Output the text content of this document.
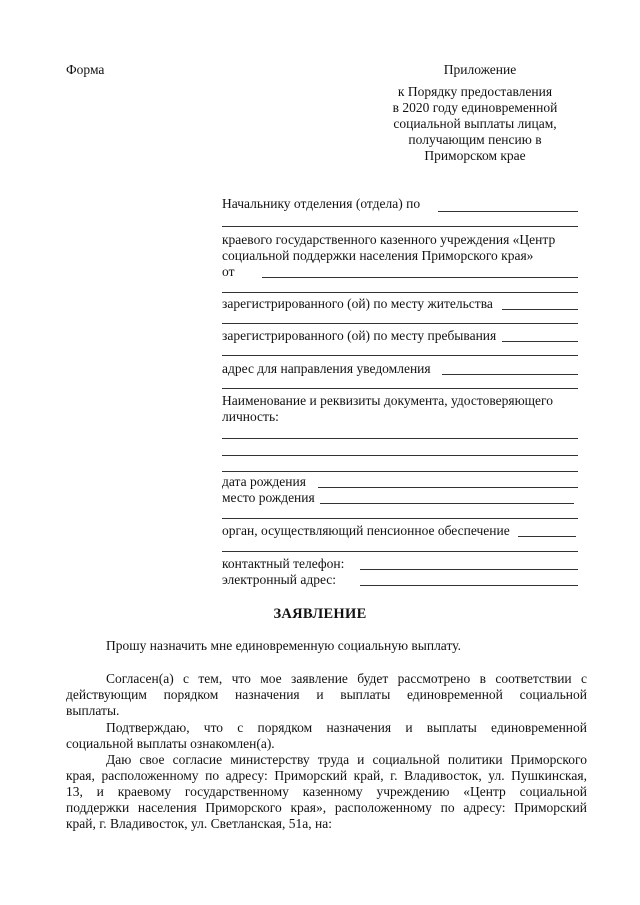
Форма	Приложение
к Порядку предоставления
в 2020 году единовременной
социальной выплаты лицам,
получающим пенсию в
Приморском крае
Начальнику отделения (отдела) по
краевого государственного казенного учреждения «Центр
социальной поддержки населения Приморского края»
от
зарегистрированного (ой) по месту жительства
зарегистрированного (ой) по месту пребывания
адрес для направления уведомления
Наименование и реквизиты документа, удостоверяющего
личность:
дата рождения
место рождения
орган, осуществляющий пенсионное обеспечение
контактный телефон:
электронный адрес:
ЗАЯВЛЕНИЕ
Прошу назначить мне единовременную социальную выплату.
Согласен(а) с тем, что мое заявление будет рассмотрено в соответствии с
действующим порядком назначения и выплаты единовременной социальной
выплаты.
Подтверждаю, что с порядком назначения и выплаты единовременной
социальной выплаты ознакомлен(а).
Даю свое согласие министерству труда и социальной политики Приморского
края, расположенному по адресу: Приморский край, г. Владивосток, ул. Пушкинская,
13, и краевому государственному казенному учреждению «Центр социальной
поддержки населения Приморского края», расположенному по адресу: Приморский
край, г. Владивосток, ул. Светланская, 51а, на:
